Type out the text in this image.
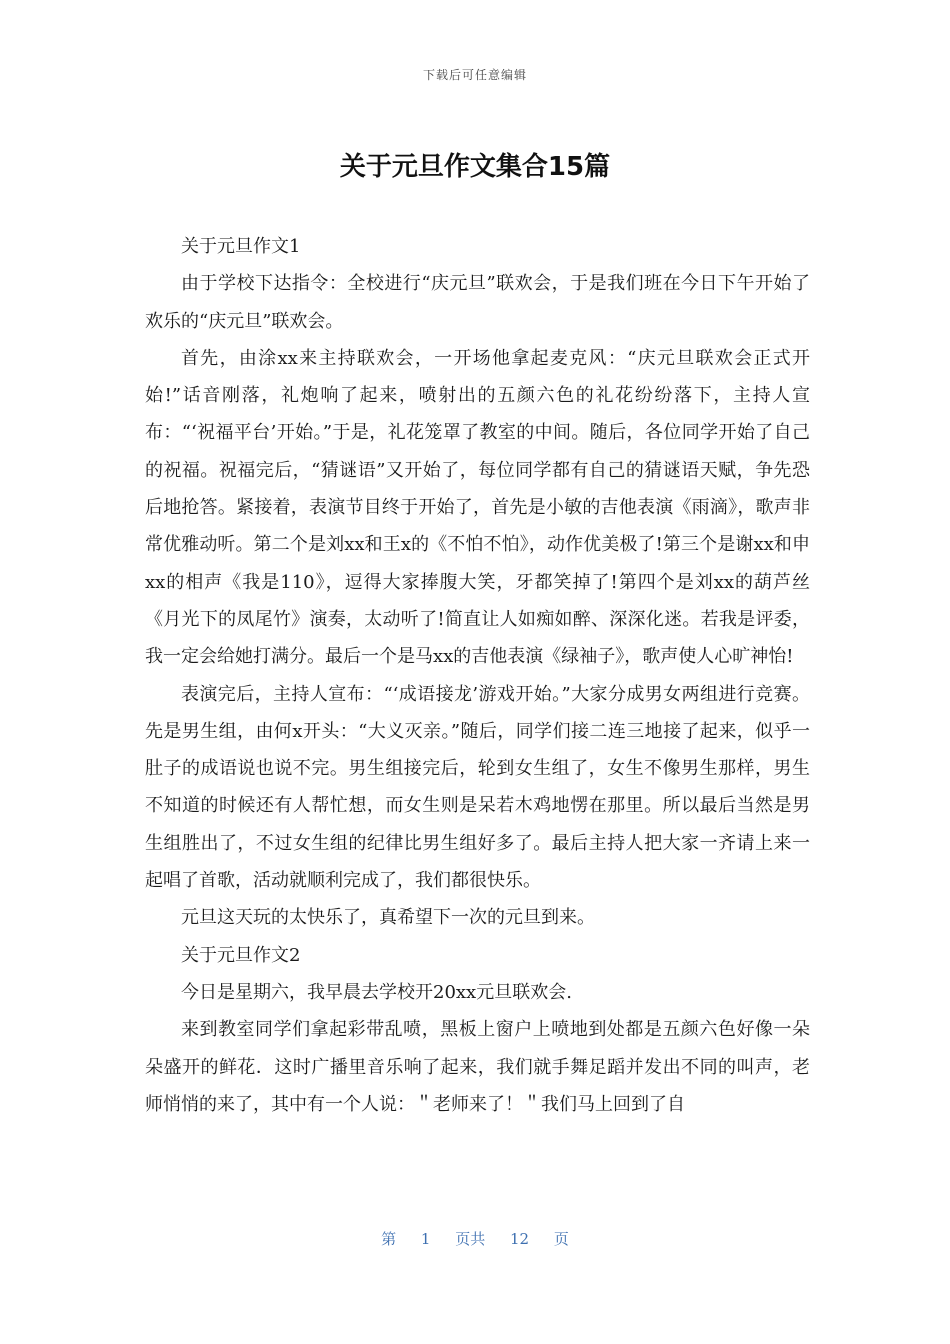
下载后可任意编辑
关于元旦作文集合15篇

关于元旦作文1

由于学校下达指令：全校进行“庆元旦”联欢会，于是我们班在今日下午开始了欢乐的“庆元旦”联欢会。

首先，由涂xx来主持联欢会，一开场他拿起麦克风：“庆元旦联欢会正式开始!”话音刚落，礼炮响了起来，喷射出的五颜六色的礼花纷纷落下，主持人宣布：“‘祝福平台’开始。”于是，礼花笼罩了教室的中间。随后，各位同学开始了自己的祝福。祝福完后，“猜谜语”又开始了，每位同学都有自己的猜谜语天赋，争先恐后地抢答。紧接着，表演节目终于开始了，首先是小敏的吉他表演《雨滴》，歌声非常优雅动听。第二个是刘xx和王x的《不怕不怕》，动作优美极了!第三个是谢xx和申xx的相声《我是110》，逗得大家捧腹大笑，牙都笑掉了!第四个是刘xx的葫芦丝《月光下的凤尾竹》演奏，太动听了!简直让人如痴如醉、深深化迷。若我是评委，我一定会给她打满分。最后一个是马xx的吉他表演《绿袖子》，歌声使人心旷神怡!

表演完后，主持人宣布：“‘成语接龙’游戏开始。”大家分成男女两组进行竞赛。先是男生组，由何x开头：“大义灭亲。”随后，同学们接二连三地接了起来，似乎一肚子的成语说也说不完。男生组接完后，轮到女生组了，女生不像男生那样，男生不知道的时候还有人帮忙想，而女生则是呆若木鸡地愣在那里。所以最后当然是男生组胜出了，不过女生组的纪律比男生组好多了。最后主持人把大家一齐请上来一起唱了首歌，活动就顺利完成了，我们都很快乐。

元旦这天玩的太快乐了，真希望下一次的元旦到来。

关于元旦作文2

今日是星期六，我早晨去学校开20xx元旦联欢会.

来到教室同学们拿起彩带乱喷，黑板上窗户上喷地到处都是五颜六色好像一朵朵盛开的鲜花．这时广播里音乐响了起来，我们就手舞足蹈并发出不同的叫声，老师悄悄的来了，其中有一个人说：＂老师来了！＂我们马上回到了自

第 1 页共 12 页
